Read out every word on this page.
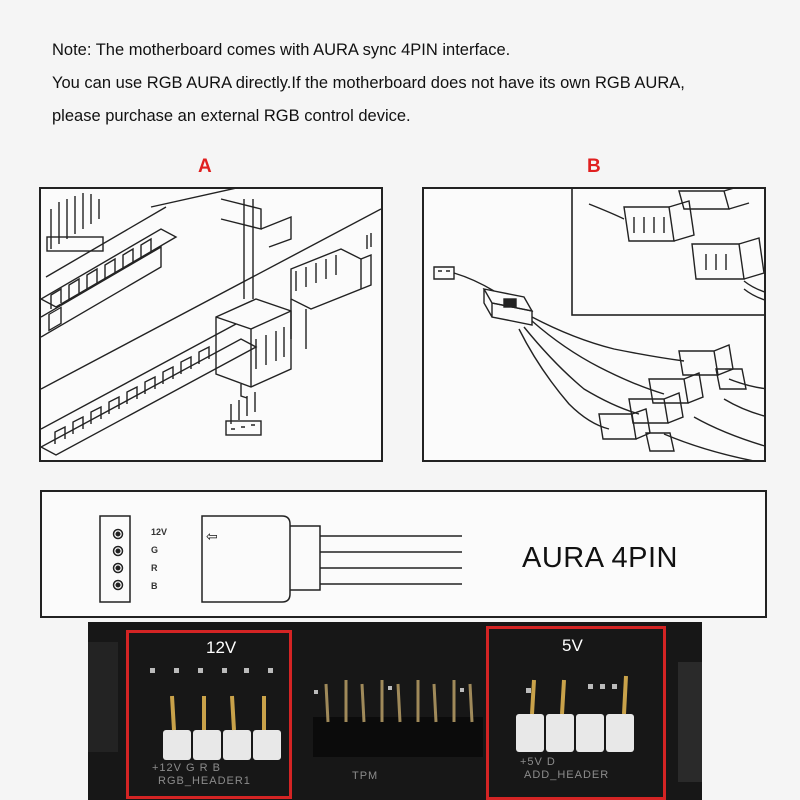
Note: The motherboard comes with AURA sync 4PIN interface.
You can use RGB AURA directly.If the motherboard does not have its own RGB AURA,
please purchase an external RGB control device.
A	B
⇦
12V
G
R
B
AURA 4PIN
12V	5V
+12V G R B
RGB_HEADER1	TPM
+5V D
ADD_HEADER
